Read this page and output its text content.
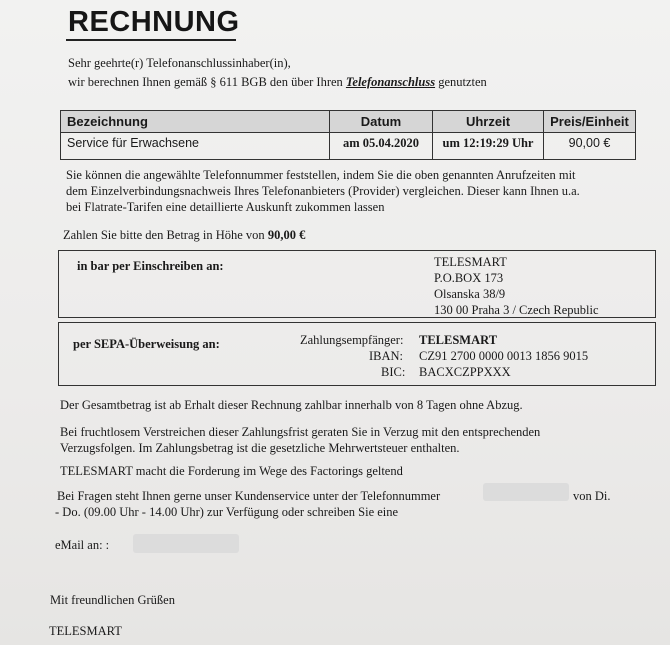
RECHNUNG
Sehr geehrte(r) Telefonanschlussinhaber(in),
wir berechnen Ihnen gemäß § 611 BGB den über Ihren Telefonanschluss genutzten
Bezeichnung	Datum	Uhrzeit	Preis/Einheit
Service für Erwachsene	am 05.04.2020	um 12:19:29 Uhr	90,00 €
Sie können die angewählte Telefonnummer feststellen, indem Sie die oben genannten Anrufzeiten mit
dem Einzelverbindungsnachweis Ihres Telefonanbieters (Provider) vergleichen. Dieser kann Ihnen u.a.
bei Flatrate-Tarifen eine detaillierte Auskunft zukommen lassen
Zahlen Sie bitte den Betrag in Höhe von 90,00 €
in bar per Einschreiben an:	TELESMART
P.O.BOX 173
Olsanska 38/9
130 00 Praha 3 / Czech Republic
per SEPA-Überweisung an:	Zahlungsempfänger: TELESMART
IBAN: CZ91 2700 0000 0013 1856 9015
BIC: BACXCZPPXXX
Der Gesamtbetrag ist ab Erhalt dieser Rechnung zahlbar innerhalb von 8 Tagen ohne Abzug.
Bei fruchtlosem Verstreichen dieser Zahlungsfrist geraten Sie in Verzug mit den entsprechenden
Verzugsfolgen. Im Zahlungsbetrag ist die gesetzliche Mehrwertsteuer enthalten.
TELESMART macht die Forderung im Wege des Factorings geltend
Bei Fragen steht Ihnen gerne unser Kundenservice unter der Telefonnummer	von Di.
- Do. (09.00 Uhr - 14.00 Uhr) zur Verfügung oder schreiben Sie eine
eMail an: :
Mit freundlichen Grüßen
TELESMART
